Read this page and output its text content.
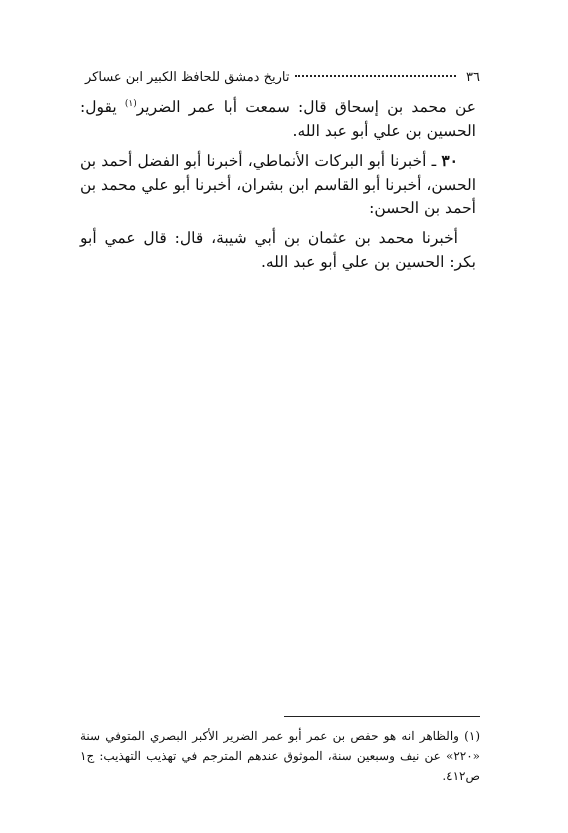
٣٦
تاريخ دمشق للحافظ الكبير ابن عساكر

عن محمد بن إسحاق قال: سمعت أبا عمر الضرير$^{(١)}$ يقول: الحسين بن علي أبو عبد الله.

٣٠ ـ أخبرنا أبو البركات الأنماطي، أخبرنا أبو الفضل أحمد بن الحسن، أخبرنا أبو القاسم ابن بشران، أخبرنا أبو علي محمد بن أحمد بن الحسن:

أخبرنا محمد بن عثمان بن أبي شيبة، قال: قال عمي أبو بكر: الحسين بن علي أبو عبد الله.

(١) والظاهر انه هو حفص بن عمر أبو عمر الضرير الأكبر البصري المتوفي سنة «٢٢٠» عن نيف وسبعين سنة، الموثوق عندهم المترجم في تهذيب التهذيب: ج١ ص٤١٢.
